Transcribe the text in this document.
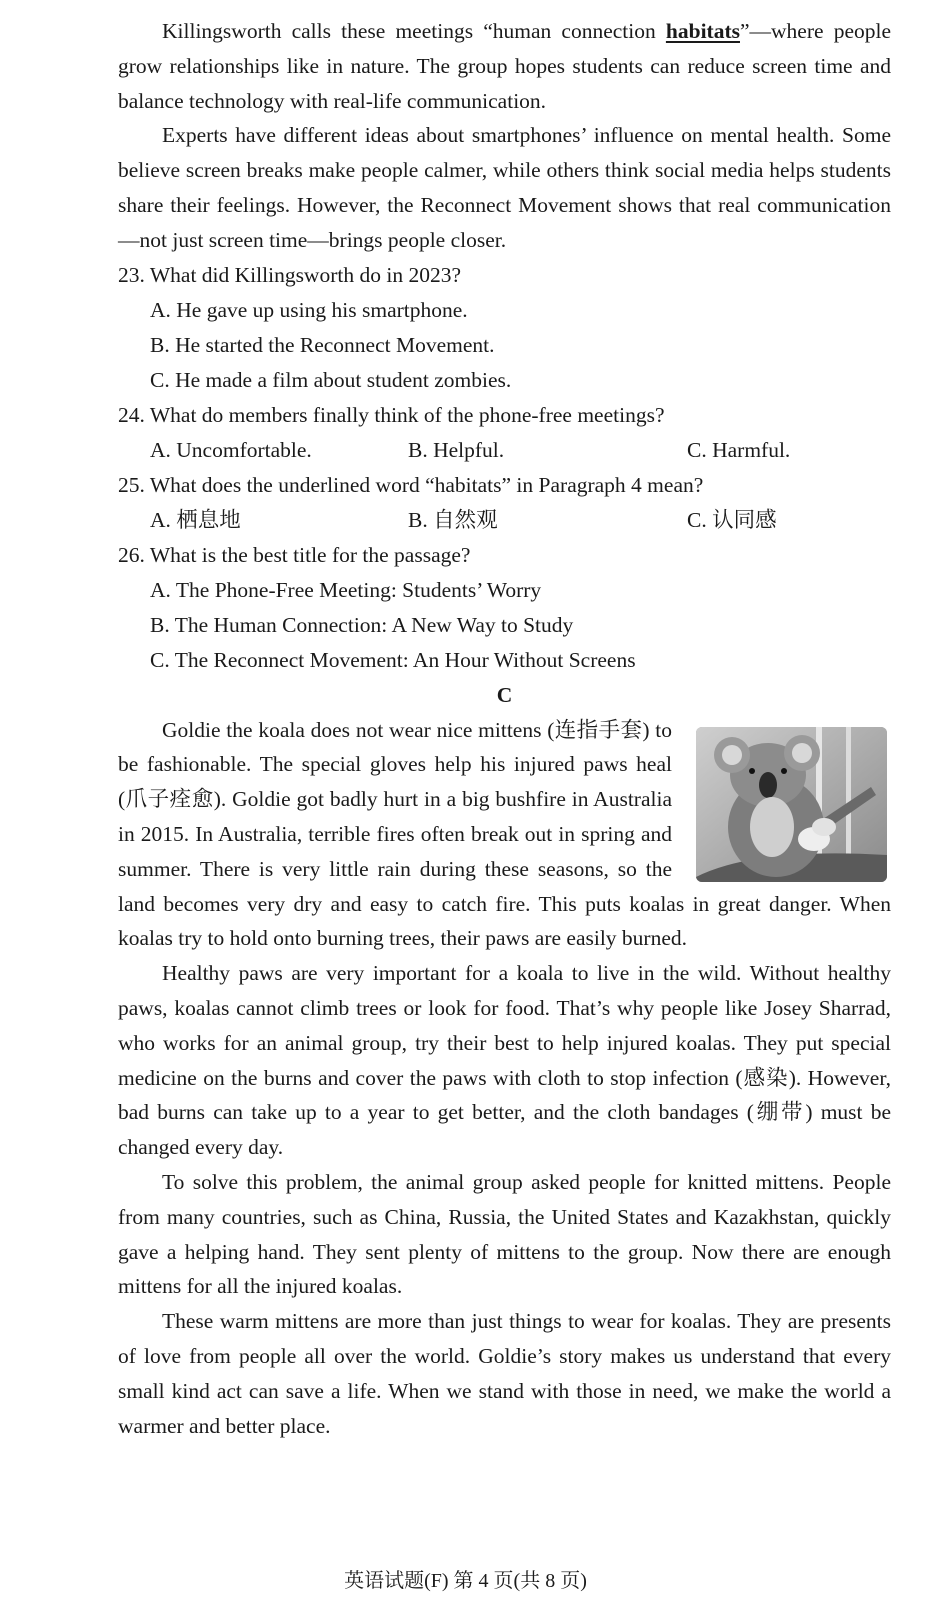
Killingsworth calls these meetings “human connection habitats”—where people grow relationships like in nature. The group hopes students can reduce screen time and balance technology with real-life communication.

Experts have different ideas about smartphones’ influence on mental health. Some believe screen breaks make people calmer, while others think social media helps students share their feelings. However, the Reconnect Movement shows that real communication—not just screen time—brings people closer.

23. What did Killingsworth do in 2023?

A. He gave up using his smartphone.

B. He started the Reconnect Movement.

C. He made a film about student zombies.

24. What do members finally think of the phone-free meetings?

A. Uncomfortable.	B. Helpful.	C. Harmful.

25. What does the underlined word “habitats” in Paragraph 4 mean?

A. 栖息地	B. 自然观	C. 认同感

26. What is the best title for the passage?

A. The Phone-Free Meeting: Students’ Worry

B. The Human Connection: A New Way to Study

C. The Reconnect Movement: An Hour Without Screens

C

Goldie the koala does not wear nice mittens (连指手套) to be fashionable. The special gloves help his injured paws heal (爪子痊愈). Goldie got badly hurt in a big bushfire in Australia in 2015. In Australia, terrible fires often break out in spring and summer. There is very little rain during these seasons, so the land becomes very dry and easy to catch fire. This puts koalas in great danger. When koalas try to hold onto burning trees, their paws are easily burned.

Healthy paws are very important for a koala to live in the wild. Without healthy paws, koalas cannot climb trees or look for food. That’s why people like Josey Sharrad, who works for an animal group, try their best to help injured koalas. They put special medicine on the burns and cover the paws with cloth to stop infection (感染). However, bad burns can take up to a year to get better, and the cloth bandages (绷带) must be changed every day.

To solve this problem, the animal group asked people for knitted mittens. People from many countries, such as China, Russia, the United States and Kazakhstan, quickly gave a helping hand. They sent plenty of mittens to the group. Now there are enough mittens for all the injured koalas.

These warm mittens are more than just things to wear for koalas. They are presents of love from people all over the world. Goldie’s story makes us understand that every small kind act can save a life. When we stand with those in need, we make the world a warmer and better place.

英语试题(F) 第 4 页(共 8 页)
